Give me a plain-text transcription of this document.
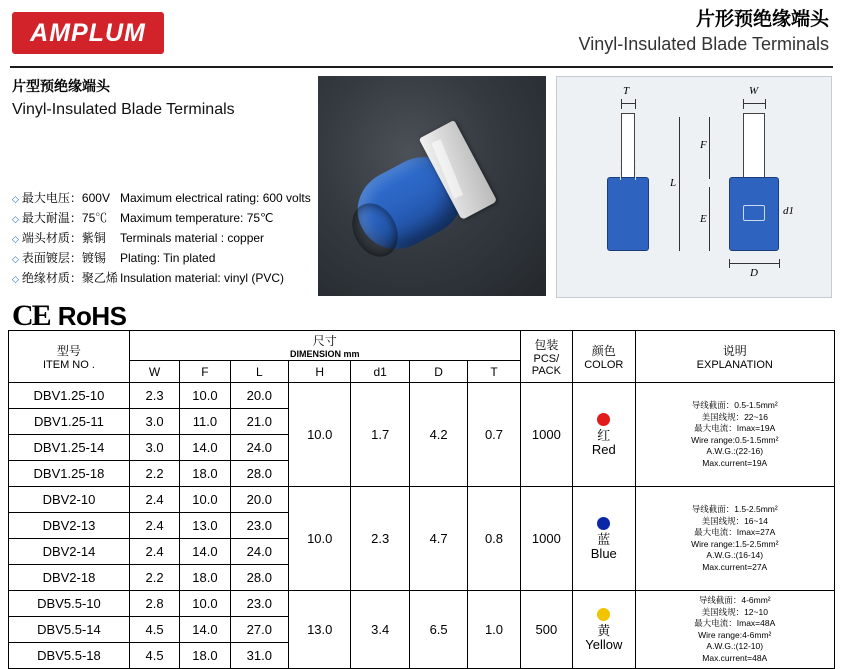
AMPLUM	片形预绝缘端头
Vinyl-Insulated Blade Terminals
片型预绝缘端头
Vinyl-Insulated Blade Terminals
◇ 最大电压：600V Maximum electrical rating: 600 volts
◇ 最大耐温：75℃	Maximum temperature: 75℃
◇ 端头材质：紫铜	Terminals material : copper
◇ 表面镀层：镀锡	Plating: Tin plated
◇ 绝缘材质：聚乙烯 Insulation material: vinyl (PVC)
CE RoHS
T	W
F
L
E
d1
D
型号
ITEM NO .	尺寸
DIMENSION mm							包装
PCS/
PACK	颜色
COLOR	说明
EXPLANATION

	W	F	L	H	d1	D	T			
DBV1.25-10	2.3	10.0	20.0	10.0	1.7	4.2	0.7	1000	红
Red

导线截面：0.5-1.5mm²
美国线规：22~16
最大电流：Imax=19A
Wire range:0.5-1.5mm²
A.W.G.:(22-16)
Max.current=19A

DBV1.25-11	3.0	11.0	21.0							
DBV1.25-14	3.0	14.0	24.0							
DBV1.25-18	2.2	18.0	28.0							
DBV2-10	2.4	10.0	20.0	10.0	2.3	4.7	0.8	1000	蓝
Blue

导线截面：1.5-2.5mm²
美国线规：16~14
最大电流：Imax=27A
Wire range:1.5-2.5mm²
A.W.G.:(16-14)
Max.current=27A

DBV2-13	2.4	13.0	23.0							
DBV2-14	2.4	14.0	24.0							
DBV2-18	2.2	18.0	28.0							
DBV5.5-10	2.8	10.0	23.0	13.0	3.4	6.5	1.0	500	黄
Yellow

导线截面：4-6mm²
美国线规：12~10
最大电流：Imax=48A
Wire range:4-6mm²
A.W.G.:(12-10)
Max.current=48A

DBV5.5-14	4.5	14.0	27.0							
DBV5.5-18	4.5	18.0	31.0							
